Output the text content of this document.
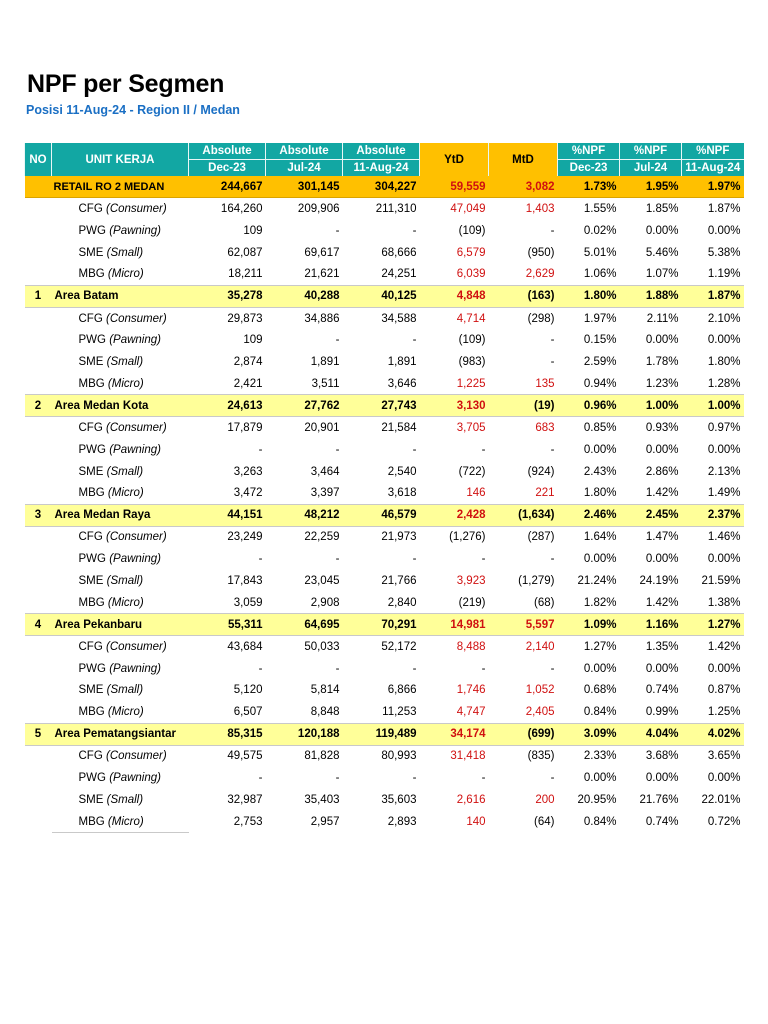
NPF per Segmen

Posisi 11-Aug-24 - Region II / Medan

NO	UNIT KERJA	Absolute	Absolute	Absolute	YtD	MtD	%NPF	%NPF	%NPF
		Dec-23	Jul-24	11-Aug-24			Dec-23	Jul-24	11-Aug-24
	RETAIL RO 2 MEDAN	244,667	301,145	304,227	59,559	3,082	1.73%	1.95%	1.97%
	CFG (Consumer)	164,260	209,906	211,310	47,049	1,403	1.55%	1.85%	1.87%
	PWG (Pawning)	109	-	-	(109)	-	0.02%	0.00%	0.00%
	SME (Small)	62,087	69,617	68,666	6,579	(950)	5.01%	5.46%	5.38%
	MBG (Micro)	18,211	21,621	24,251	6,039	2,629	1.06%	1.07%	1.19%
1	Area Batam	35,278	40,288	40,125	4,848	(163)	1.80%	1.88%	1.87%
	CFG (Consumer)	29,873	34,886	34,588	4,714	(298)	1.97%	2.11%	2.10%
	PWG (Pawning)	109	-	-	(109)	-	0.15%	0.00%	0.00%
	SME (Small)	2,874	1,891	1,891	(983)	-	2.59%	1.78%	1.80%
	MBG (Micro)	2,421	3,511	3,646	1,225	135	0.94%	1.23%	1.28%
2	Area Medan Kota	24,613	27,762	27,743	3,130	(19)	0.96%	1.00%	1.00%
	CFG (Consumer)	17,879	20,901	21,584	3,705	683	0.85%	0.93%	0.97%
	PWG (Pawning)	-	-	-	-	-	0.00%	0.00%	0.00%
	SME (Small)	3,263	3,464	2,540	(722)	(924)	2.43%	2.86%	2.13%
	MBG (Micro)	3,472	3,397	3,618	146	221	1.80%	1.42%	1.49%
3	Area Medan Raya	44,151	48,212	46,579	2,428	(1,634)	2.46%	2.45%	2.37%
	CFG (Consumer)	23,249	22,259	21,973	(1,276)	(287)	1.64%	1.47%	1.46%
	PWG (Pawning)	-	-	-	-	-	0.00%	0.00%	0.00%
	SME (Small)	17,843	23,045	21,766	3,923	(1,279)	21.24%	24.19%	21.59%
	MBG (Micro)	3,059	2,908	2,840	(219)	(68)	1.82%	1.42%	1.38%
4	Area Pekanbaru	55,311	64,695	70,291	14,981	5,597	1.09%	1.16%	1.27%
	CFG (Consumer)	43,684	50,033	52,172	8,488	2,140	1.27%	1.35%	1.42%
	PWG (Pawning)	-	-	-	-	-	0.00%	0.00%	0.00%
	SME (Small)	5,120	5,814	6,866	1,746	1,052	0.68%	0.74%	0.87%
	MBG (Micro)	6,507	8,848	11,253	4,747	2,405	0.84%	0.99%	1.25%
5	Area Pematangsiantar	85,315	120,188	119,489	34,174	(699)	3.09%	4.04%	4.02%
	CFG (Consumer)	49,575	81,828	80,993	31,418	(835)	2.33%	3.68%	3.65%
	PWG (Pawning)	-	-	-	-	-	0.00%	0.00%	0.00%
	SME (Small)	32,987	35,403	35,603	2,616	200	20.95%	21.76%	22.01%
	MBG (Micro)	2,753	2,957	2,893	140	(64)	0.84%	0.74%	0.72%
